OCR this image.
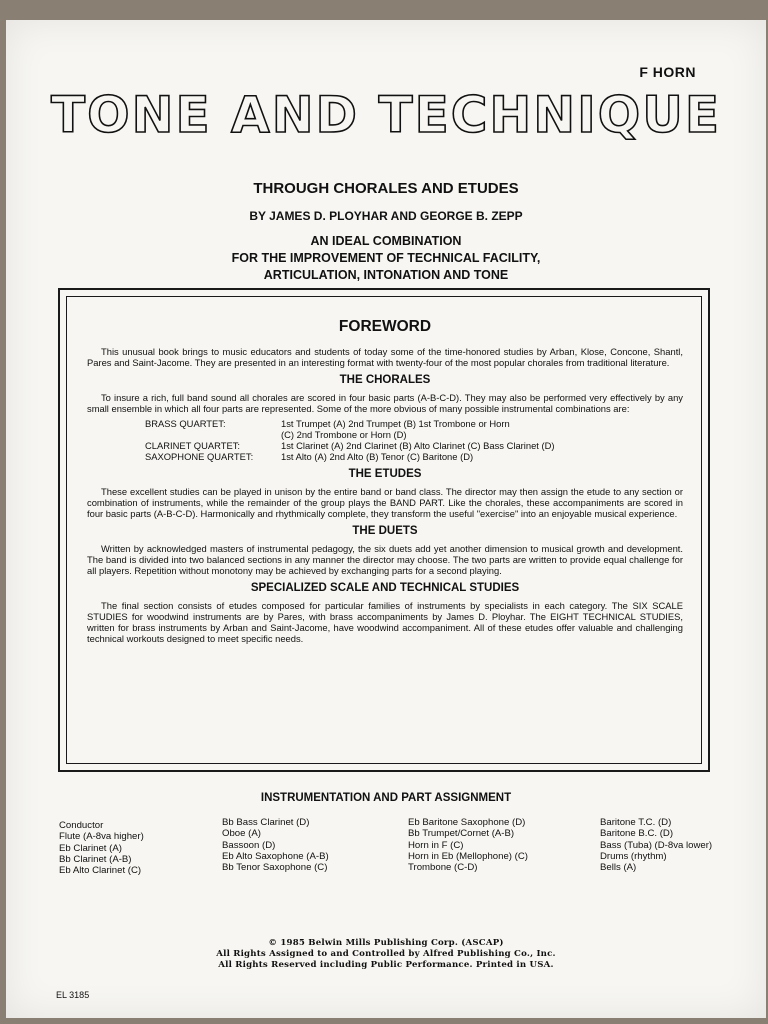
F HORN
TONE AND TECHNIQUE
THROUGH CHORALES AND ETUDES
BY JAMES D. PLOYHAR AND GEORGE B. ZEPP
AN IDEAL COMBINATION
FOR THE IMPROVEMENT OF TECHNICAL FACILITY,
ARTICULATION, INTONATION AND TONE
FOREWORD

This unusual book brings to music educators and students of today some of the time-honored studies by Arban, Klose, Concone, Shantl, Pares and Saint-Jacome. They are presented in an interesting format with twenty-four of the most popular chorales from traditional literature.

THE CHORALES

To insure a rich, full band sound all chorales are scored in four basic parts (A-B-C-D). They may also be performed very effectively by any small ensemble in which all four parts are represented. Some of the more obvious of many possible instrumental combinations are:

BRASS QUARTET:	1st Trumpet (A) 2nd Trumpet (B) 1st Trombone or Horn
(C) 2nd Trombone or Horn (D)
CLARINET QUARTET:	1st Clarinet (A) 2nd Clarinet (B) Alto Clarinet (C) Bass Clarinet (D)
SAXOPHONE QUARTET:	1st Alto (A) 2nd Alto (B) Tenor (C) Baritone (D)
THE ETUDES

These excellent studies can be played in unison by the entire band or band class. The director may then assign the etude to any section or combination of instruments, while the remainder of the group plays the BAND PART. Like the chorales, these accompaniments are scored in four basic parts (A-B-C-D). Harmonically and rhythmically complete, they transform the useful "exercise" into an enjoyable musical experience.

THE DUETS

Written by acknowledged masters of instrumental pedagogy, the six duets add yet another dimension to musical growth and development. The band is divided into two balanced sections in any manner the director may choose. The two parts are written to provide equal challenge for all players. Repetition without monotony may be achieved by exchanging parts for a second playing.

SPECIALIZED SCALE AND TECHNICAL STUDIES

The final section consists of etudes composed for particular families of instruments by specialists in each category. The SIX SCALE STUDIES for woodwind instruments are by Pares, with brass accompaniments by James D. Ployhar. The EIGHT TECHNICAL STUDIES, written for brass instruments by Arban and Saint-Jacome, have woodwind accompaniment. All of these etudes offer valuable and challenging technical workouts designed to meet specific needs.

INSTRUMENTATION AND PART ASSIGNMENT
Conductor
Flute (A-8va higher)
Eb Clarinet (A)
Bb Clarinet (A-B)
Eb Alto Clarinet (C)
Bb Bass Clarinet (D)
Oboe (A)
Bassoon (D)
Eb Alto Saxophone (A-B)
Bb Tenor Saxophone (C)
Eb Baritone Saxophone (D)
Bb Trumpet/Cornet (A-B)
Horn in F (C)
Horn in Eb (Mellophone) (C)
Trombone (C-D)
Baritone T.C. (D)
Baritone B.C. (D)
Bass (Tuba) (D-8va lower)
Drums (rhythm)
Bells (A)
© 1985 Belwin Mills Publishing Corp. (ASCAP)
All Rights Assigned to and Controlled by Alfred Publishing Co., Inc.
All Rights Reserved including Public Performance. Printed in USA.
EL 3185
